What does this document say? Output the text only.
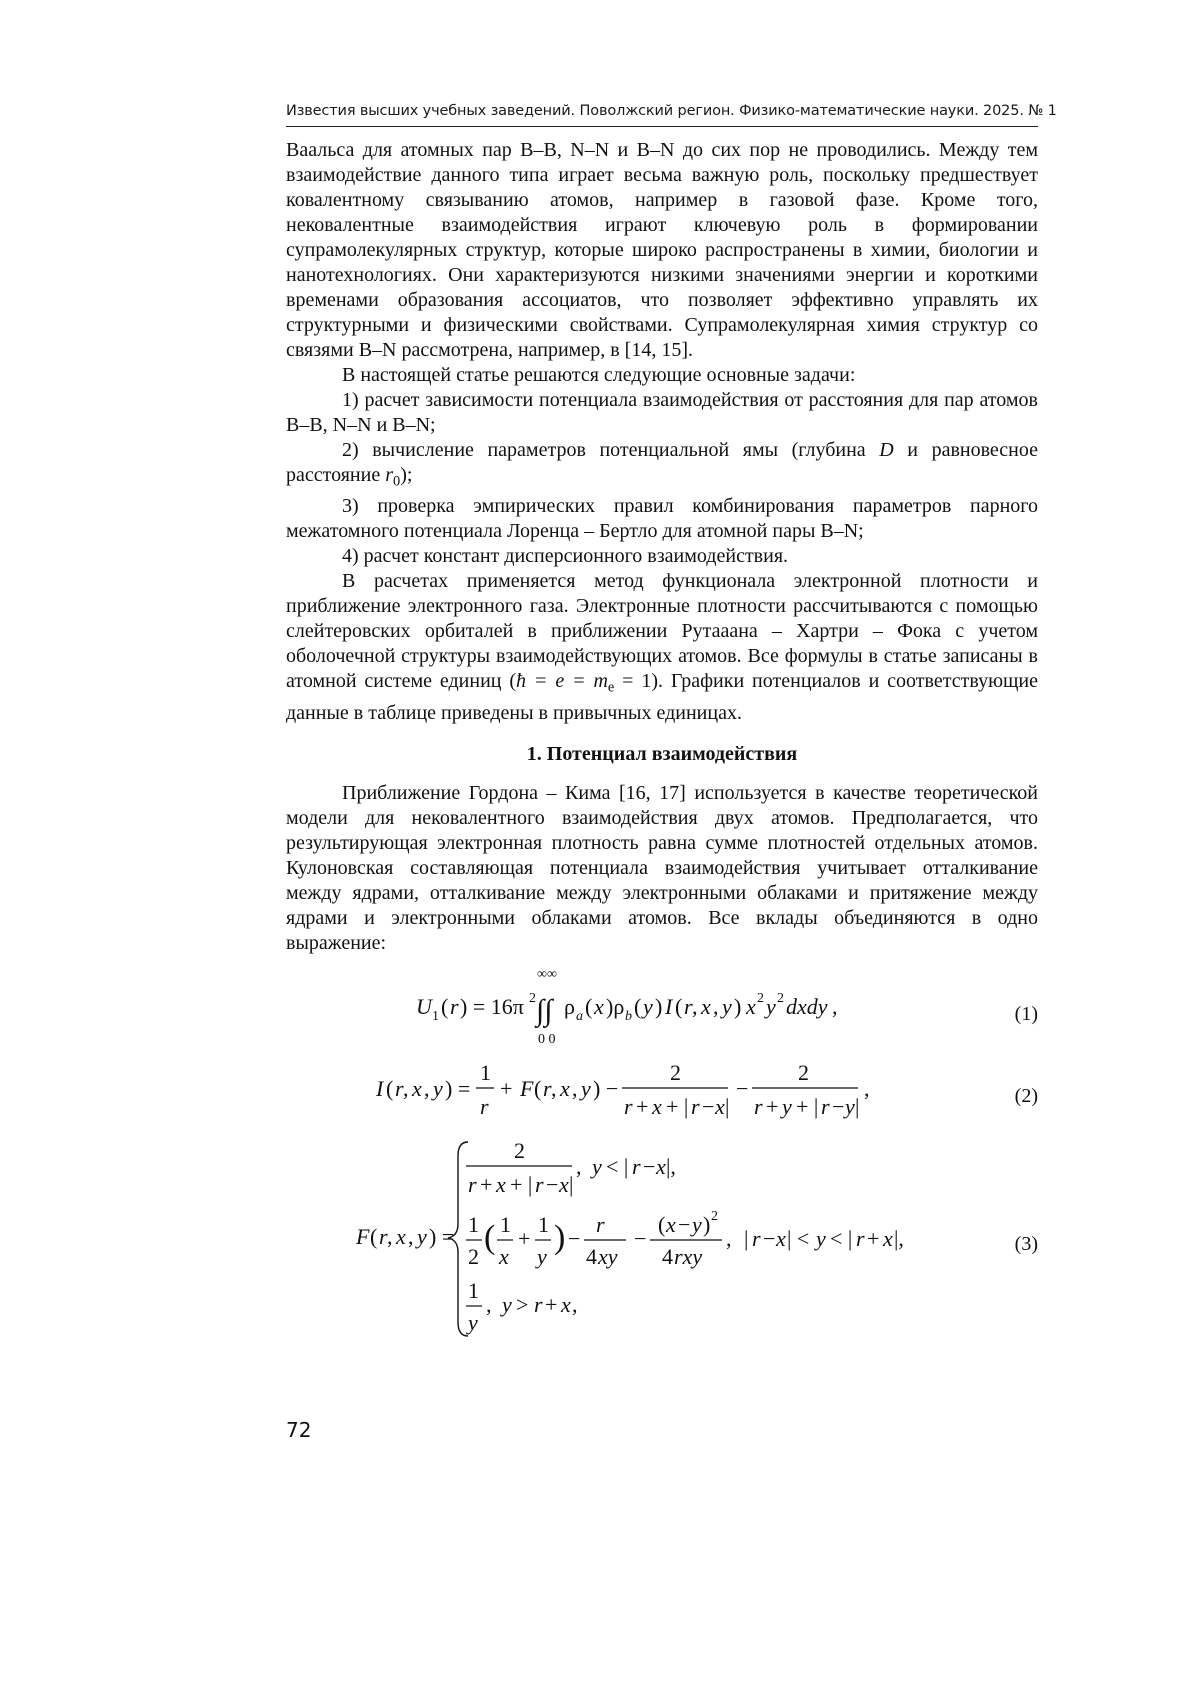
Известия высших учебных заведений. Поволжский регион. Физико-математические науки. 2025. № 1

Ваальса для атомных пар B–B, N–N и B–N до сих пор не проводились. Между тем взаимодействие данного типа играет весьма важную роль, поскольку предшествует ковалентному связыванию атомов, например в газовой фазе. Кроме того, нековалентные взаимодействия играют ключевую роль в формировании супрамолекулярных структур, которые широко распространены в химии, биологии и нанотехнологиях. Они характеризуются низкими значениями энергии и короткими временами образования ассоциатов, что позволяет эффективно управлять их структурными и физическими свойствами. Супрамолекулярная химия структур со связями B–N рассмотрена, например, в [14, 15].

В настоящей статье решаются следующие основные задачи:

1) расчет зависимости потенциала взаимодействия от расстояния для пар атомов B–B, N–N и B–N;

2) вычисление параметров потенциальной ямы (глубина D и равновесное расстояние $r_0$);

3) проверка эмпирических правил комбинирования параметров парного межатомного потенциала Лоренца – Бертло для атомной пары B–N;

4) расчет констант дисперсионного взаимодействия.

В расчетах применяется метод функционала электронной плотности и приближение электронного газа. Электронные плотности рассчитываются с помощью слейтеровских орбиталей в приближении Рутааана – Хартри – Фока с учетом оболочечной структуры взаимодействующих атомов. Все формулы в статье записаны в атомной системе единиц (ħ = $e = m_e = 1$). Графики потенциалов и соответствующие данные в таблице приведены в привычных единицах.

1. Потенциал взаимодействия

Приближение Гордона – Кима [16, 17] используется в качестве теоретической модели для нековалентного взаимодействия двух атомов. Предполагается, что результирующая электронная плотность равна сумме плотностей отдельных атомов. Кулоновская составляющая потенциала взаимодействия учитывает отталкивание между ядрами, отталкивание между электронными облаками и притяжение между ядрами и электронными облаками атомов. Все вклады объединяются в одно выражение:

U 1 ( r ) = 16π 2 ∫∫
∞∞
0 0
ρ a ( x )ρ b ( y ) I ( r , x , y ) x 2 y 2 dxdy ,	(1)
I ( r , x , y ) =
1
r
+ F ( r , x , y ) −
2
r + x + | r − x |
−
2
r + y + | r − y |
,	(2)
F ( r , x , y ) =
2
r + x + | r − x |
, y < | r − x |,
1
2
( 1
x
+
1
y
) −
r
4 xy
−
( x − y ) 2
4 rxy
, | r − x | < y < | r + x |,
1
y
, y > r + x ,
(3)
72
